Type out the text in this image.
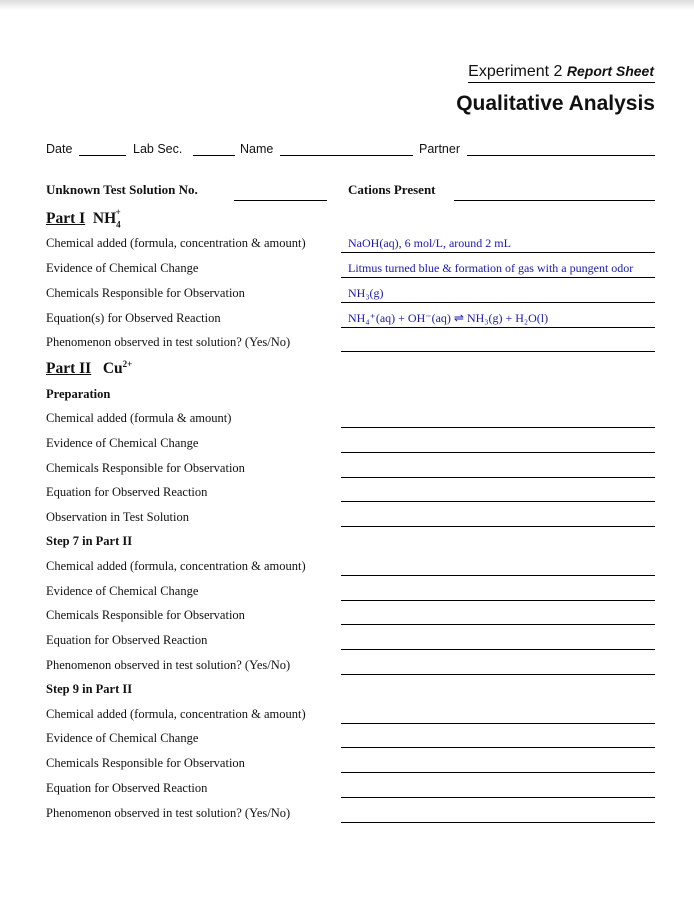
Experiment 2 Report Sheet
Qualitative Analysis
Date	Lab Sec.	Name	Partner
Unknown Test Solution No.	Cations Present
Part I $NH_4^+$
Chemical added (formula, concentration & amount)	NaOH(aq), 6 mol/L, around 2 mL
Evidence of Chemical Change	Litmus turned blue & formation of gas with a pungent odor
Chemicals Responsible for Observation	NH₃(g)
Equation(s) for Observed Reaction	NH₄⁺(aq) + OH⁻(aq) ⇌ NH₃(g) + H₂O(l)
Phenomenon observed in test solution? (Yes/No)
Part II $Cu^{2+}$
Preparation
Chemical added (formula & amount)
Evidence of Chemical Change
Chemicals Responsible for Observation
Equation for Observed Reaction
Observation in Test Solution
Step 7 in Part II
Chemical added (formula, concentration & amount)
Evidence of Chemical Change
Chemicals Responsible for Observation
Equation for Observed Reaction
Phenomenon observed in test solution? (Yes/No)
Step 9 in Part II
Chemical added (formula, concentration & amount)
Evidence of Chemical Change
Chemicals Responsible for Observation
Equation for Observed Reaction
Phenomenon observed in test solution? (Yes/No)
